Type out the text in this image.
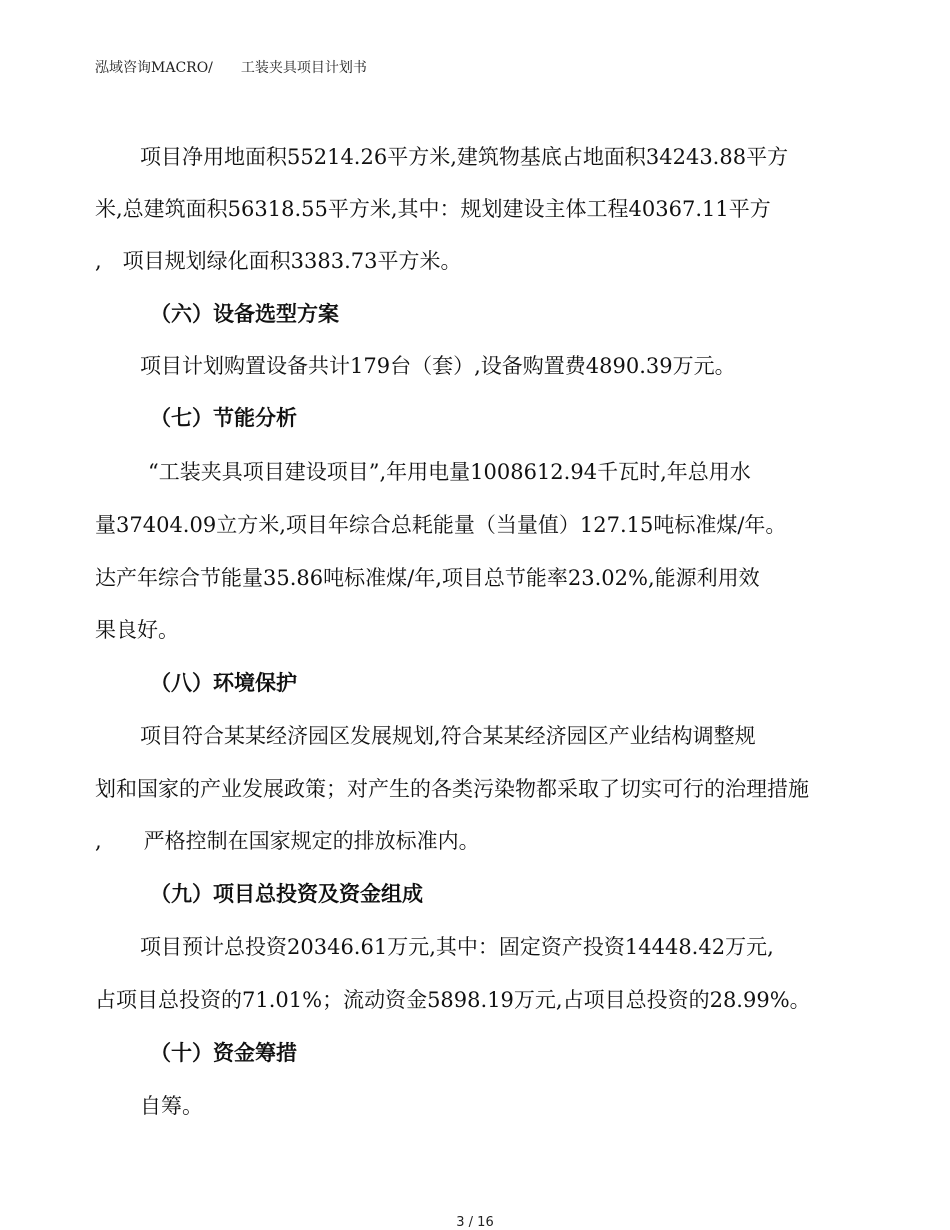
泓域咨询MACRO/ 工装夹具项目计划书
项目净用地面积55214.26平方米,建筑物基底占地面积34243.88平方
米,总建筑面积56318.55平方米,其中：规划建设主体工程40367.11平方
,　项目规划绿化面积3383.73平方米。
（六）设备选型方案
项目计划购置设备共计179台（套）,设备购置费4890.39万元。
（七）节能分析
“工装夹具项目建设项目”,年用电量1008612.94千瓦时,年总用水
量37404.09立方米,项目年综合总耗能量（当量值）127.15吨标准煤/年。
达产年综合节能量35.86吨标准煤/年,项目总节能率23.02%,能源利用效
果良好。
（八）环境保护
项目符合某某经济园区发展规划,符合某某经济园区产业结构调整规
划和国家的产业发展政策；对产生的各类污染物都采取了切实可行的治理措施
,　　严格控制在国家规定的排放标准内。
（九）项目总投资及资金组成
项目预计总投资20346.61万元,其中：固定资产投资14448.42万元,
占项目总投资的71.01%；流动资金5898.19万元,占项目总投资的28.99%。
（十）资金筹措
自筹。
3 / 16
